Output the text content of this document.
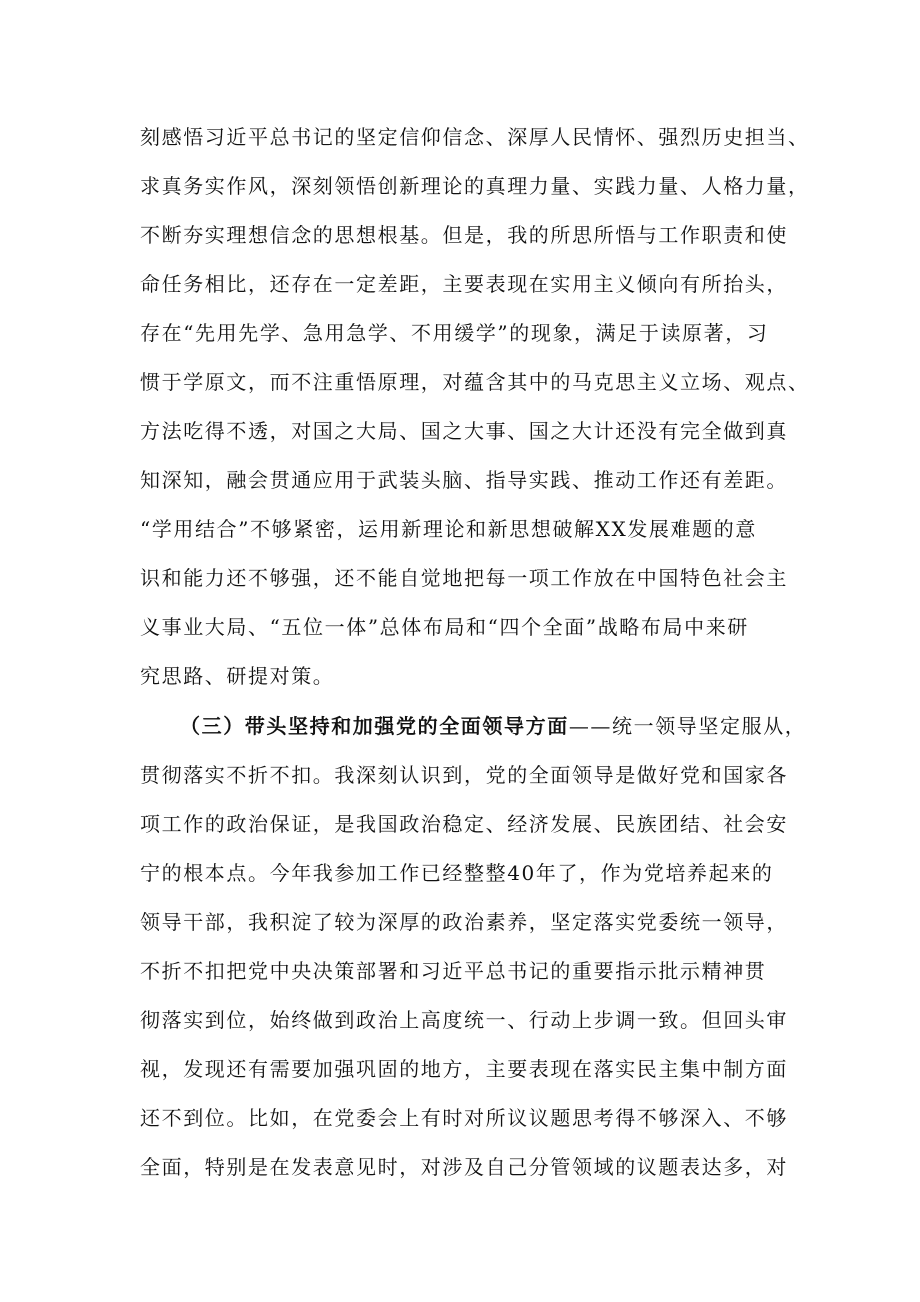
刻感悟习近平总书记的坚定信仰信念、深厚人民情怀、强烈历史担当、
求真务实作风，深刻领悟创新理论的真理力量、实践力量、人格力量，
不断夯实理想信念的思想根基。但是，我的所思所悟与工作职责和使
命任务相比，还存在一定差距，主要表现在实用主义倾向有所抬头，
存在“先用先学、急用急学、不用缓学”的现象，满足于读原著，习
惯于学原文，而不注重悟原理，对蕴含其中的马克思主义立场、观点、
方法吃得不透，对国之大局、国之大事、国之大计还没有完全做到真
知深知，融会贯通应用于武装头脑、指导实践、推动工作还有差距。
“学用结合”不够紧密，运用新理论和新思想破解XX发展难题的意
识和能力还不够强，还不能自觉地把每一项工作放在中国特色社会主
义事业大局、“五位一体”总体布局和“四个全面”战略布局中来研
究思路、研提对策。
（三）带头坚持和加强党的全面领导方面——统一领导坚定服从，
贯彻落实不折不扣。我深刻认识到，党的全面领导是做好党和国家各
项工作的政治保证，是我国政治稳定、经济发展、民族团结、社会安
宁的根本点。今年我参加工作已经整整40年了，作为党培养起来的
领导干部，我积淀了较为深厚的政治素养，坚定落实党委统一领导，
不折不扣把党中央决策部署和习近平总书记的重要指示批示精神贯
彻落实到位，始终做到政治上高度统一、行动上步调一致。但回头审
视，发现还有需要加强巩固的地方，主要表现在落实民主集中制方面
还不到位。比如，在党委会上有时对所议议题思考得不够深入、不够
全面，特别是在发表意见时，对涉及自己分管领域的议题表达多，对
